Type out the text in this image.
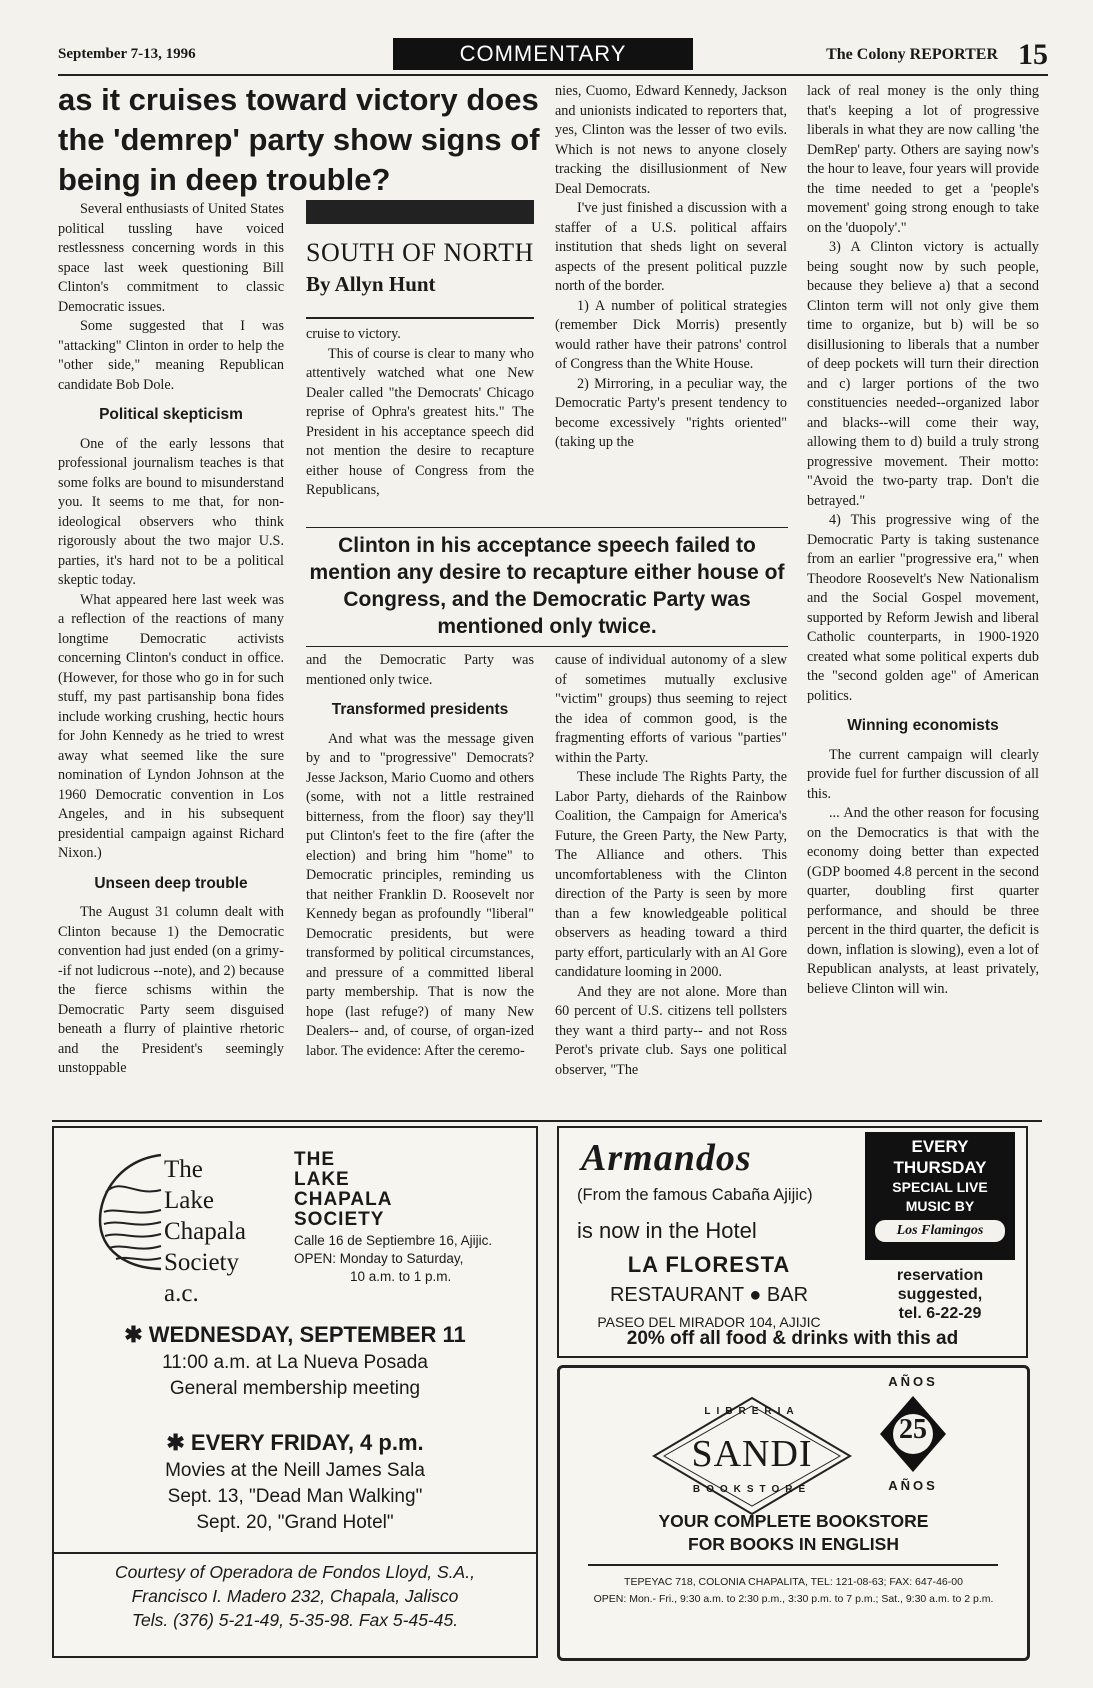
September 7-13, 1996	COMMENTARY	The Colony REPORTER 15
as it cruises toward victory does the 'demrep' party show signs of being in deep trouble?

Several enthusiasts of United States political tussling have voiced restlessness concerning words in this space last week questioning Bill Clinton's commitment to classic Democratic issues.

Some suggested that I was "attacking" Clinton in order to help the "other side," meaning Republican candidate Bob Dole.

Political skepticism

One of the early lessons that professional journalism teaches is that some folks are bound to misunderstand you. It seems to me that, for non-ideological observers who think rigorously about the two major U.S. parties, it's hard not to be a political skeptic today.

What appeared here last week was a reflection of the reactions of many longtime Democratic activists concerning Clinton's conduct in office. (However, for those who go in for such stuff, my past partisanship bona fides include working crushing, hectic hours for John Kennedy as he tried to wrest away what seemed like the sure nomination of Lyndon Johnson at the 1960 Democratic convention in Los Angeles, and in his subsequent presidential campaign against Richard Nixon.)

Unseen deep trouble

The August 31 column dealt with Clinton because 1) the Democratic convention had just ended (on a grimy--if not ludicrous --note), and 2) because the fierce schisms within the Democratic Party seem disguised beneath a flurry of plaintive rhetoric and the President's seemingly unstoppable

SOUTH OF NORTH
By Allyn Hunt

cruise to victory.

This of course is clear to many who attentively watched what one New Dealer called "the Democrats' Chicago reprise of Ophra's greatest hits." The President in his acceptance speech did not mention the desire to recapture either house of Congress from the Republicans,

and the Democratic Party was mentioned only twice.

Transformed presidents

And what was the message given by and to "progressive" Democrats? Jesse Jackson, Mario Cuomo and others (some, with not a little restrained bitterness, from the floor) say they'll put Clinton's feet to the fire (after the election) and bring him "home" to Democratic principles, reminding us that neither Franklin D. Roosevelt nor Kennedy began as profoundly "liberal" Democratic presidents, but were transformed by political circumstances, and pressure of a committed liberal party membership. That is now the hope (last refuge?) of many New Dealers-- and, of course, of organ-ized labor. The evidence: After the ceremo-

nies, Cuomo, Edward Kennedy, Jackson and unionists indicated to reporters that, yes, Clinton was the lesser of two evils. Which is not news to anyone closely tracking the disillusionment of New Deal Democrats.

I've just finished a discussion with a staffer of a U.S. political affairs institution that sheds light on several aspects of the present political puzzle north of the border.

1) A number of political strategies (remember Dick Morris) presently would rather have their patrons' control of Congress than the White House.

2) Mirroring, in a peculiar way, the Democratic Party's present tendency to become excessively "rights oriented" (taking up the

cause of individual autonomy of a slew of sometimes mutually exclusive "victim" groups) thus seeming to reject the idea of common good, is the fragmenting efforts of various "parties" within the Party.

These include The Rights Party, the Labor Party, diehards of the Rainbow Coalition, the Campaign for America's Future, the Green Party, the New Party, The Alliance and others. This uncomfortableness with the Clinton direction of the Party is seen by more than a few knowledgeable political observers as heading toward a third party effort, particularly with an Al Gore candidature looming in 2000.

And they are not alone. More than 60 percent of U.S. citizens tell pollsters they want a third party-- and not Ross Perot's private club. Says one political observer, "The

lack of real money is the only thing that's keeping a lot of progressive liberals in what they are now calling 'the DemRep' party. Others are saying now's the hour to leave, four years will provide the time needed to get a 'people's movement' going strong enough to take on the 'duopoly'."

3) A Clinton victory is actually being sought now by such people, because they believe a) that a second Clinton term will not only give them time to organize, but b) will be so disillusioning to liberals that a number of deep pockets will turn their direction and c) larger portions of the two constituencies needed--organized labor and blacks--will come their way, allowing them to d) build a truly strong progressive movement. Their motto: "Avoid the two-party trap. Don't die betrayed."

4) This progressive wing of the Democratic Party is taking sustenance from an earlier "progressive era," when Theodore Roosevelt's New Nationalism and the Social Gospel movement, supported by Reform Jewish and liberal Catholic counterparts, in 1900-1920 created what some political experts dub the "second golden age" of American politics.

Winning economists

The current campaign will clearly provide fuel for further discussion of all this.

... And the other reason for focusing on the Democratics is that with the economy doing better than expected (GDP boomed 4.8 percent in the second quarter, doubling first quarter performance, and should be three percent in the third quarter, the deficit is down, inflation is slowing), even a lot of Republican analysts, at least privately, believe Clinton will win.

Clinton in his acceptance speech failed to mention any desire to recapture either house of Congress, and the Democratic Party was mentioned only twice.
The
Lake
Chapala
Society
a.c.
THE
LAKE
CHAPALA
SOCIETY
Calle 16 de Septiembre 16, Ajijic.
OPEN: Monday to Saturday,
10 a.m. to 1 p.m.
✱ WEDNESDAY, SEPTEMBER 11
11:00 a.m. at La Nueva Posada
General membership meeting
✱ EVERY FRIDAY, 4 p.m.
Movies at the Neill James Sala
Sept. 13, "Dead Man Walking"
Sept. 20, "Grand Hotel"
Courtesy of Operadora de Fondos Lloyd, S.A.,
Francisco I. Madero 232, Chapala, Jalisco
Tels. (376) 5-21-49, 5-35-98. Fax 5-45-45.
Armandos
(From the famous Cabaña Ajijic)
is now in the Hotel
LA FLORESTA
RESTAURANT ● BAR
PASEO DEL MIRADOR 104, AJIJIC
EVERY
THURSDAY
SPECIAL LIVE
MUSIC BY
Los Flamingos
reservation
suggested,
tel. 6-22-29
20% off all food & drinks with this ad
LIBRERIA
SANDI
BOOKSTORE
AÑOS
25
AÑOS
YOUR COMPLETE BOOKSTORE
FOR BOOKS IN ENGLISH
TEPEYAC 718, COLONIA CHAPALITA, TEL: 121-08-63; FAX: 647-46-00
OPEN: Mon.- Fri., 9:30 a.m. to 2:30 p.m., 3:30 p.m. to 7 p.m.; Sat., 9:30 a.m. to 2 p.m.
